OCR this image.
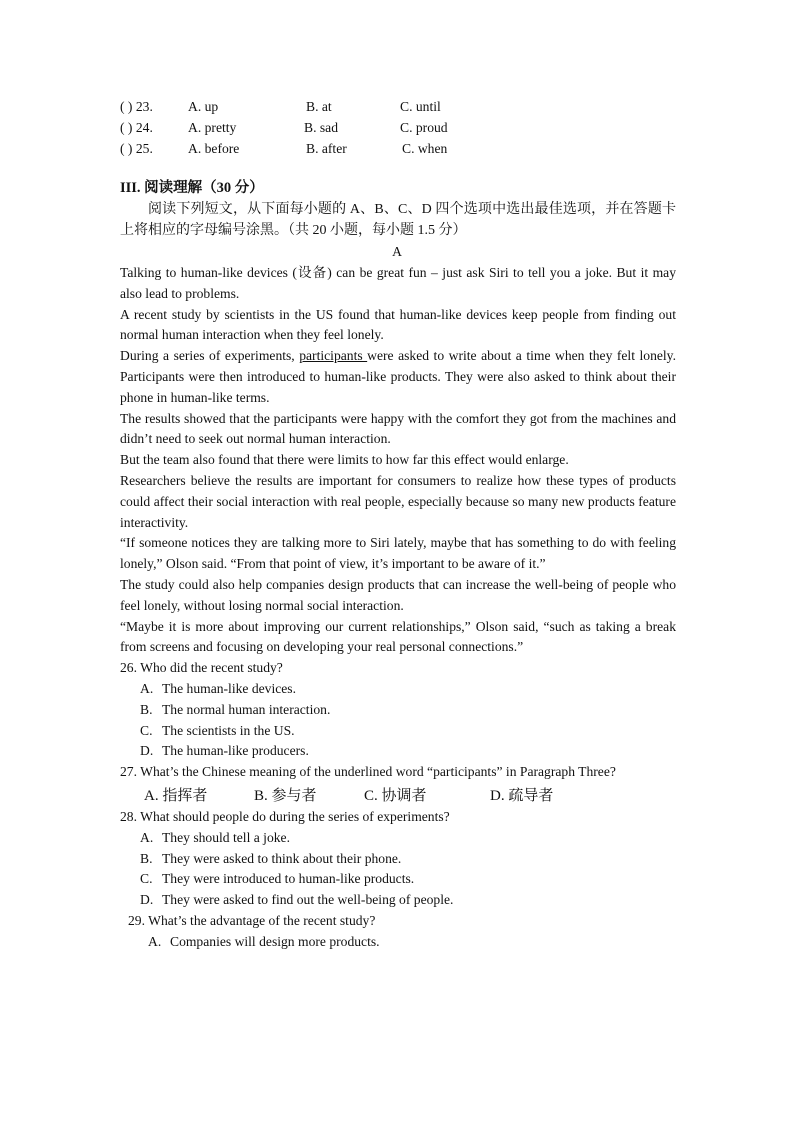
( ) 23.	A. up	B. at	C. until
( ) 24.	A. pretty	B. sad	C. proud
( ) 25.	A. before	B. after	C. when
III. 阅读理解（30 分）
阅读下列短文，从下面每小题的 A、B、C、D 四个选项中选出最佳选项，并在答题卡上将相应的字母编号涂黑。（共 20 小题，每小题 1.5 分）
A

Talking to human-like devices (设备) can be great fun – just ask Siri to tell you a joke. But it may also lead to problems.

A recent study by scientists in the US found that human-like devices keep people from finding out normal human interaction when they feel lonely.

During a series of experiments, participants were asked to write about a time when they felt lonely. Participants were then introduced to human-like products. They were also asked to think about their phone in human-like terms.

The results showed that the participants were happy with the comfort they got from the machines and didn’t need to seek out normal human interaction.

But the team also found that there were limits to how far this effect would enlarge.

Researchers believe the results are important for consumers to realize how these types of products could affect their social interaction with real people, especially because so many new products feature interactivity.

“If someone notices they are talking more to Siri lately, maybe that has something to do with feeling lonely,” Olson said. “From that point of view, it’s important to be aware of it.”

The study could also help companies design products that can increase the well-being of people who feel lonely, without losing normal social interaction.

“Maybe it is more about improving our current relationships,” Olson said, “such as taking a break from screens and focusing on developing your real personal connections.”

26. Who did the recent study?

A. The human-like devices.
B. The normal human interaction.
C. The scientists in the US.
D. The human-like producers.

27. What’s the Chinese meaning of the underlined word “participants” in Paragraph Three?

A. 指挥者	B. 参与者	C. 协调者	D. 疏导者

28. What should people do during the series of experiments?

A. They should tell a joke.
B. They were asked to think about their phone.
C. They were introduced to human-like products.
D. They were asked to find out the well-being of people.

29. What’s the advantage of the recent study?

A. Companies will design more products.
